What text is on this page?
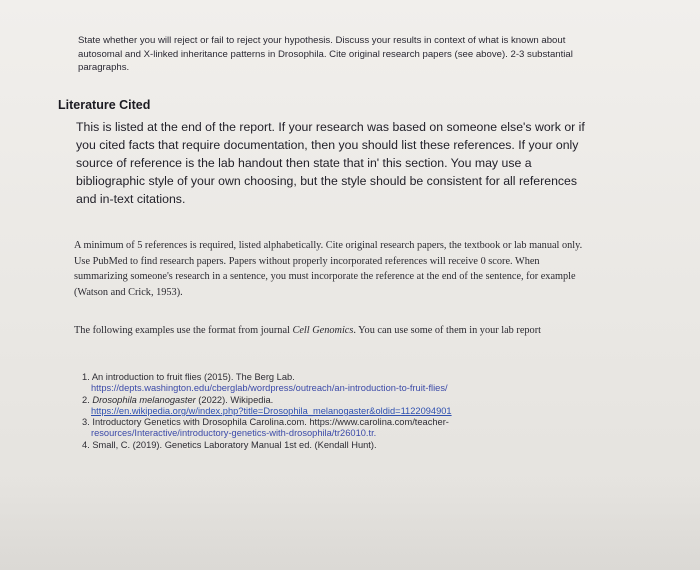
State whether you will reject or fail to reject your hypothesis. Discuss your results in context of what is known about autosomal and X-linked inheritance patterns in Drosophila. Cite original research papers (see above). 2-3 substantial paragraphs.

Literature Cited

This is listed at the end of the report. If your research was based on someone else's work or if you cited facts that require documentation, then you should list these references. If your only source of reference is the lab handout then state that in' this section. You may use a bibliographic style of your own choosing, but the style should be consistent for all references and in-text citations.

A minimum of 5 references is required, listed alphabetically. Cite original research papers, the textbook or lab manual only. Use PubMed to find research papers. Papers without properly incorporated references will receive 0 score. When summarizing someone's research in a sentence, you must incorporate the reference at the end of the sentence, for example (Watson and Crick, 1953).

The following examples use the format from journal Cell Genomics. You can use some of them in your lab report

1. An introduction to fruit flies (2015). The Berg Lab.
https://depts.washington.edu/cberglab/wordpress/outreach/an-introduction-to-fruit-flies/
2. Drosophila melanogaster (2022). Wikipedia.
https://en.wikipedia.org/w/index.php?title=Drosophila_melanogaster&oldid=1122094901
3. Introductory Genetics with Drosophila Carolina.com. https://www.carolina.com/teacher-
resources/Interactive/introductory-genetics-with-drosophila/tr26010.tr.
4. Small, C. (2019). Genetics Laboratory Manual 1st ed. (Kendall Hunt).
